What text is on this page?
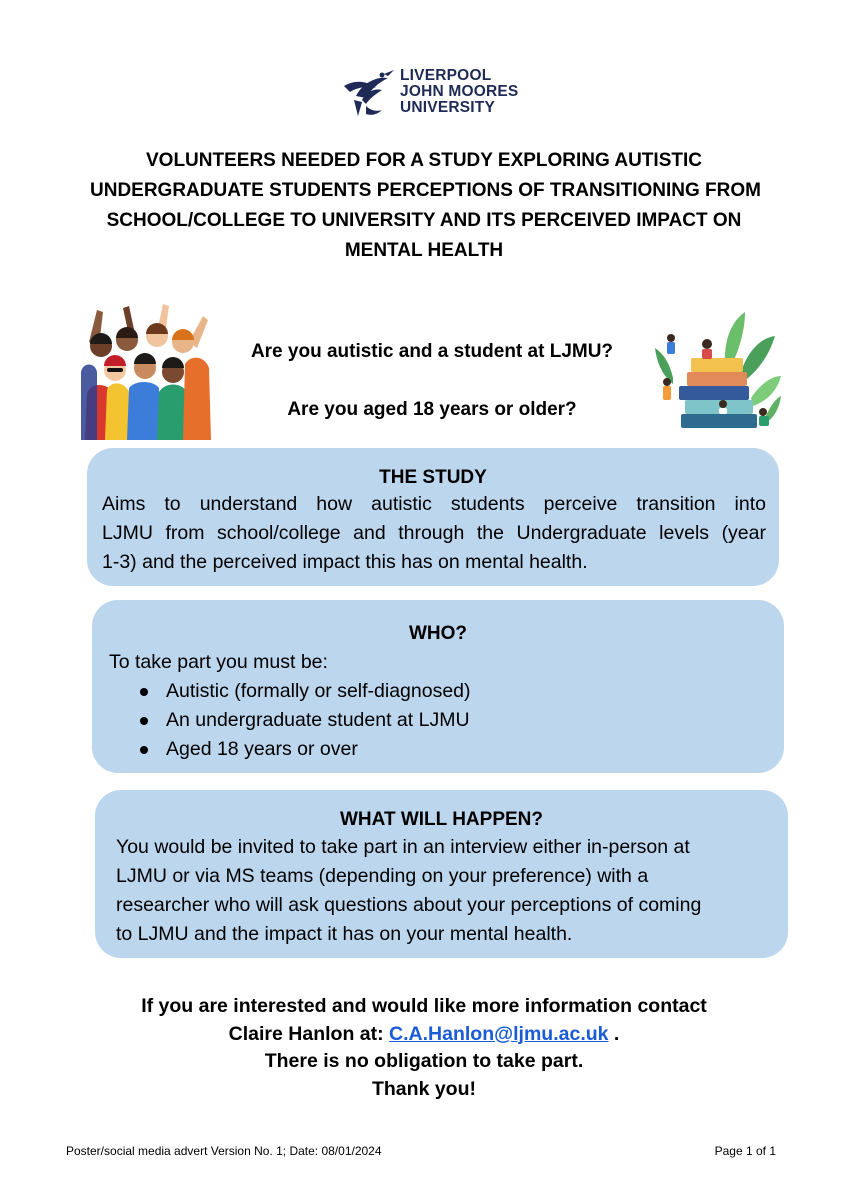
LIVERPOOL
JOHN MOORES
UNIVERSITY
VOLUNTEERS NEEDED FOR A STUDY EXPLORING AUTISTIC
UNDERGRADUATE STUDENTS PERCEPTIONS OF TRANSITIONING FROM
SCHOOL/COLLEGE TO UNIVERSITY AND ITS PERCEIVED IMPACT ON
MENTAL HEALTH
Are you autistic and a student at LJMU?
Are you aged 18 years or older?
THE STUDY
Aims to understand how autistic students perceive transition into
LJMU from school/college and through the Undergraduate levels (year
1-3) and the perceived impact this has on mental health.
WHO?
To take part you must be:
Autistic (formally or self-diagnosed)
An undergraduate student at LJMU
Aged 18 years or over
WHAT WILL HAPPEN?
You would be invited to take part in an interview either in-person at
LJMU or via MS teams (depending on your preference) with a
researcher who will ask questions about your perceptions of coming
to LJMU and the impact it has on your mental health.
If you are interested and would like more information contact
Claire Hanlon at: C.A.Hanlon@ljmu.ac.uk .
There is no obligation to take part.
Thank you!
Poster/social media advert Version No. 1; Date: 08/01/2024	Page 1 of 1
